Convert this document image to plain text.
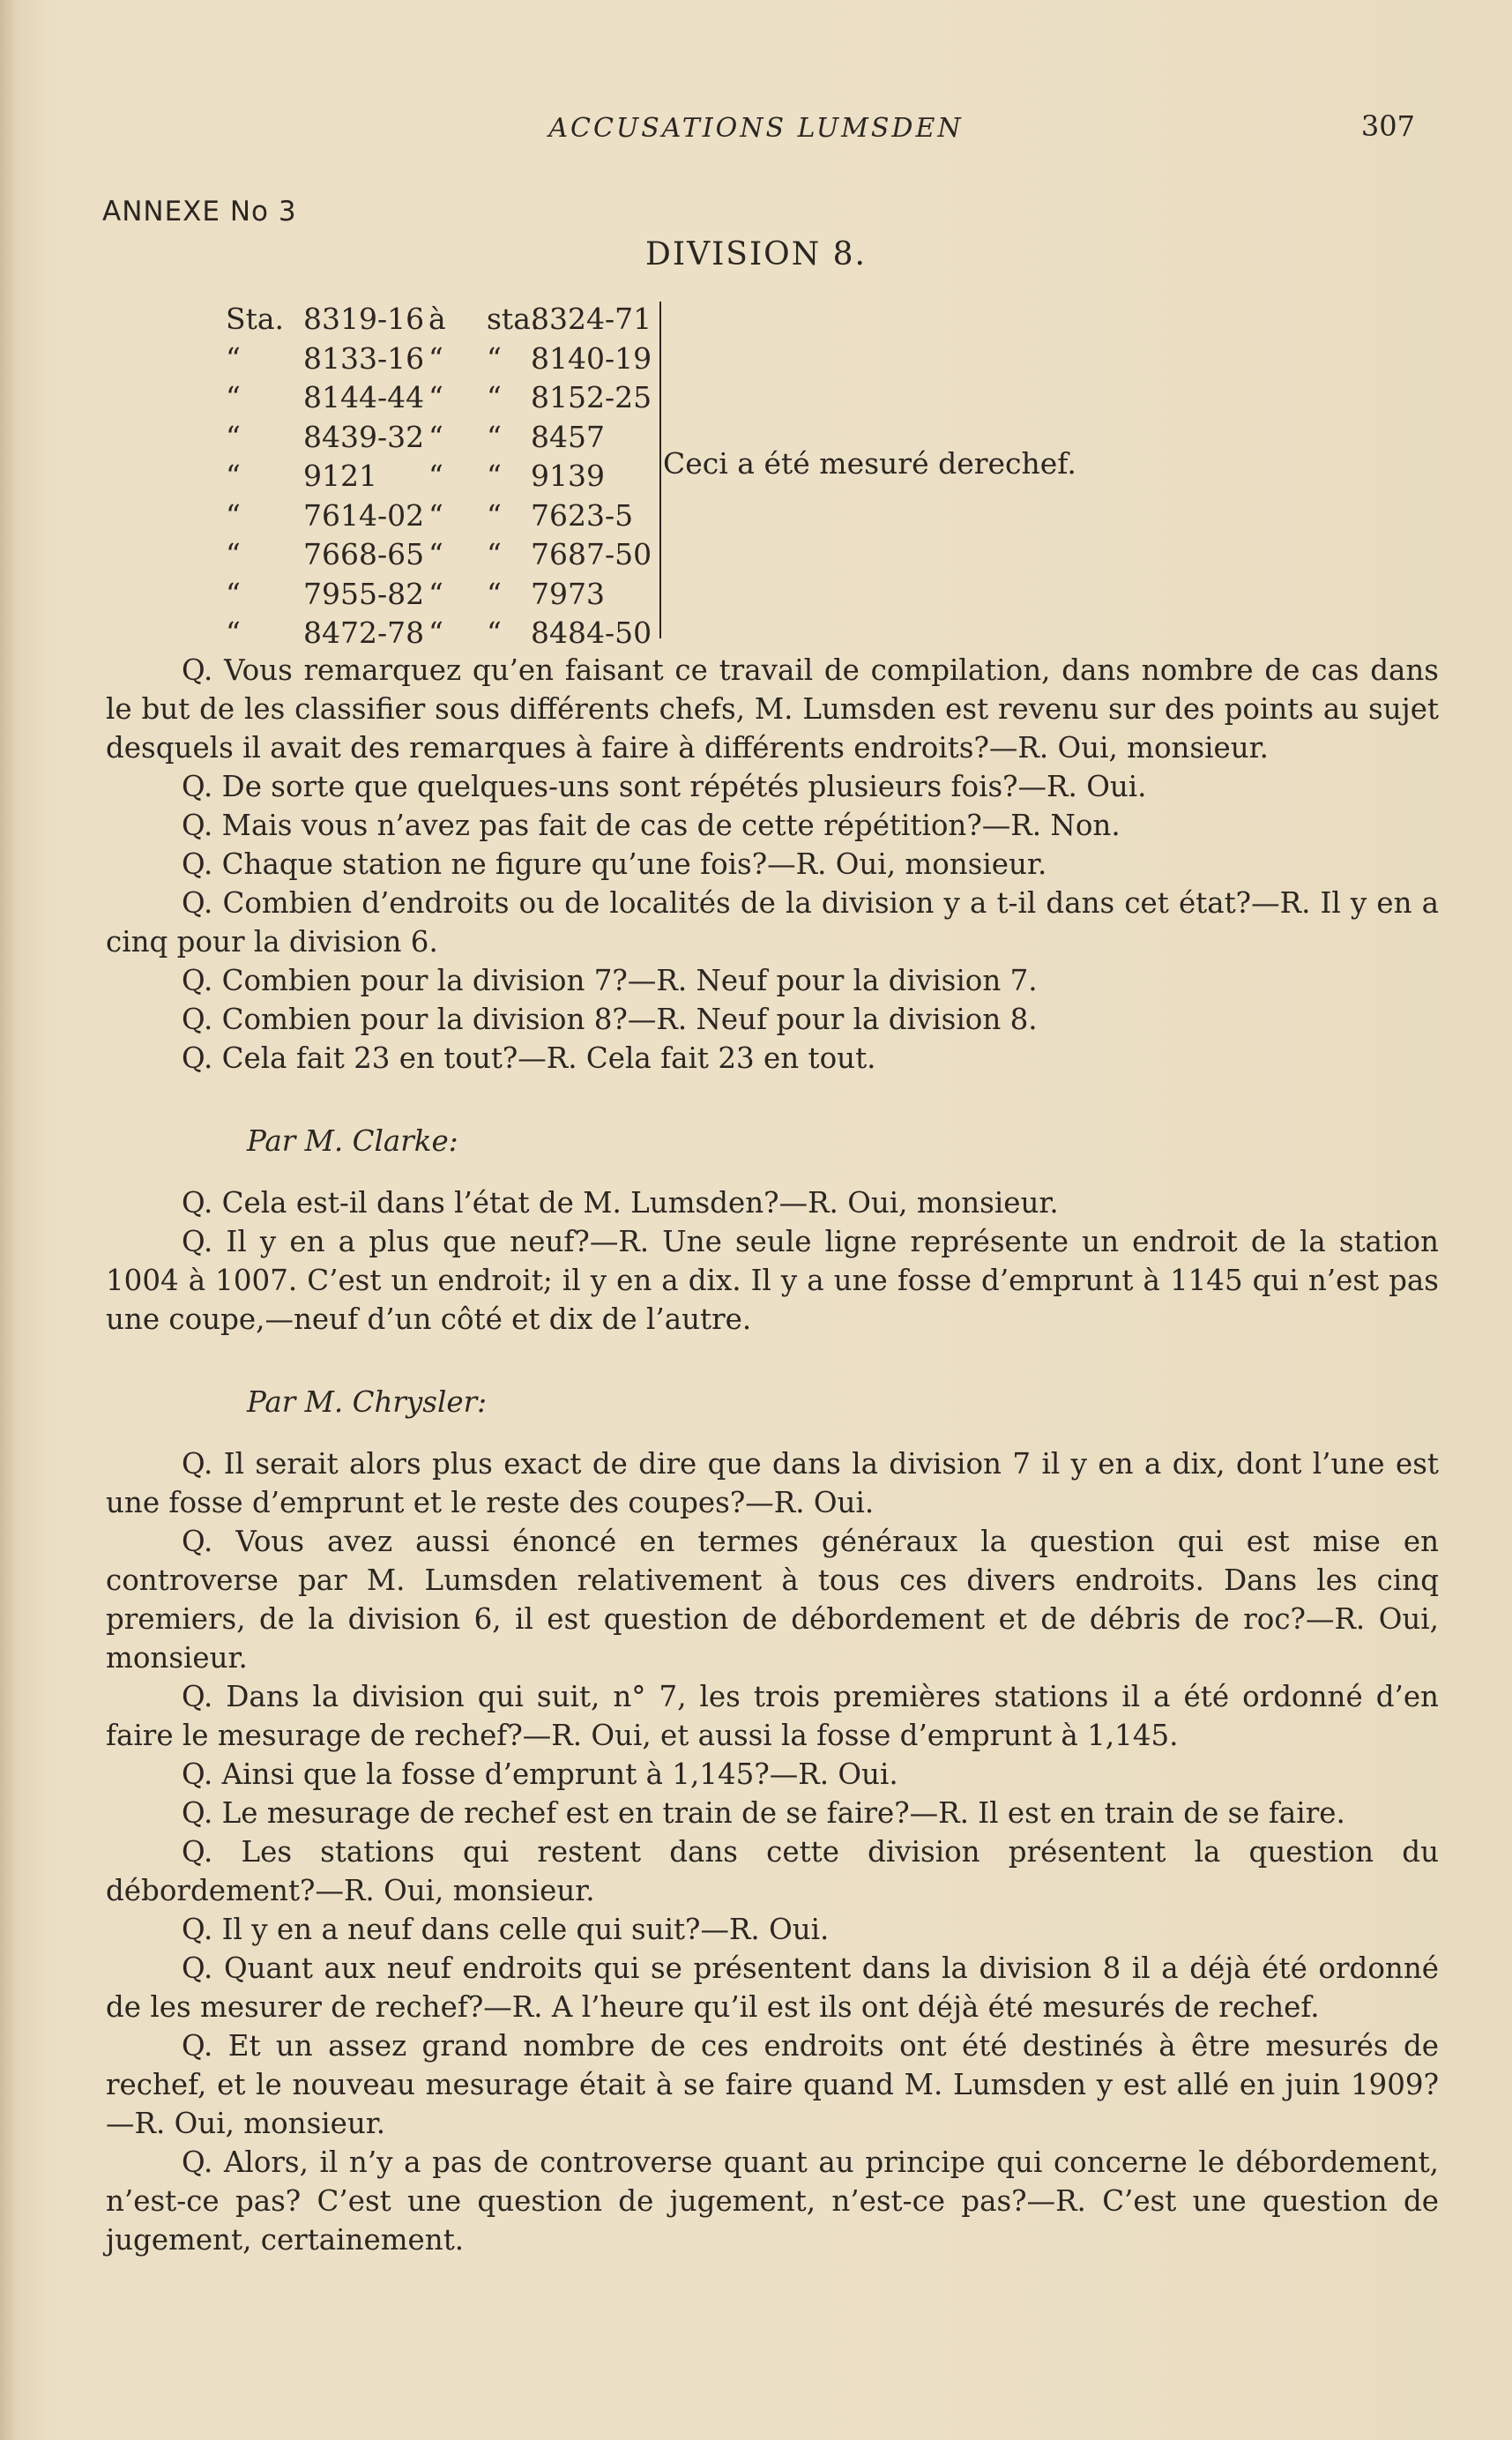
ACCUSATIONS LUMSDEN	307
ANNEXE No 3
DIVISION 8.
Sta. 8319-16 à sta.
8324-71
“ 8133-16 “ “ 8140-19
“ 8144-44 “ “ 8152-25
“ 8439-32 “ “ 8457
“ 9121 “ “ 9139
“ 7614-02 “ “ 7623-5
“ 7668-65 “ “ 7687-50
“ 7955-82 “ “ 7973
“ 8472-78 “ “ 8484-50
Ceci a été mesuré derechef.

Q. Vous remarquez qu’en faisant ce travail de compilation, dans nombre de cas dans le but de les classifier sous différents chefs, M. Lumsden est revenu sur des points au sujet desquels il avait des remarques à faire à différents endroits?—R. Oui, monsieur.

Q. De sorte que quelques-uns sont répétés plusieurs fois?—R. Oui.

Q. Mais vous n’avez pas fait de cas de cette répétition?—R. Non.

Q. Chaque station ne figure qu’une fois?—R. Oui, monsieur.

Q. Combien d’endroits ou de localités de la division y a t-il dans cet état?—R. Il y en a cinq pour la division 6.

Q. Combien pour la division 7?—R. Neuf pour la division 7.

Q. Combien pour la division 8?—R. Neuf pour la division 8.

Q. Cela fait 23 en tout?—R. Cela fait 23 en tout.

Par M. Clarke:

Q. Cela est-il dans l’état de M. Lumsden?—R. Oui, monsieur.

Q. Il y en a plus que neuf?—R. Une seule ligne représente un endroit de la station 1004 à 1007. C’est un endroit; il y en a dix. Il y a une fosse d’emprunt à 1145 qui n’est pas une coupe,—neuf d’un côté et dix de l’autre.

Par M. Chrysler:

Q. Il serait alors plus exact de dire que dans la division 7 il y en a dix, dont l’une est une fosse d’emprunt et le reste des coupes?—R. Oui.

Q. Vous avez aussi énoncé en termes généraux la question qui est mise en controverse par M. Lumsden relativement à tous ces divers endroits. Dans les cinq premiers, de la division 6, il est question de débordement et de débris de roc?—R. Oui, monsieur.

Q. Dans la division qui suit, n° 7, les trois premières stations il a été ordonné d’en faire le mesurage de rechef?—R. Oui, et aussi la fosse d’emprunt à 1,145.

Q. Ainsi que la fosse d’emprunt à 1,145?—R. Oui.

Q. Le mesurage de rechef est en train de se faire?—R. Il est en train de se faire.

Q. Les stations qui restent dans cette division présentent la question du débordement?—R. Oui, monsieur.

Q. Il y en a neuf dans celle qui suit?—R. Oui.

Q. Quant aux neuf endroits qui se présentent dans la division 8 il a déjà été ordonné de les mesurer de rechef?—R. A l’heure qu’il est ils ont déjà été mesurés de rechef.

Q. Et un assez grand nombre de ces endroits ont été destinés à être mesurés de rechef, et le nouveau mesurage était à se faire quand M. Lumsden y est allé en juin 1909?—R. Oui, monsieur.

Q. Alors, il n’y a pas de controverse quant au principe qui concerne le débordement, n’est-ce pas? C’est une question de jugement, n’est-ce pas?—R. C’est une question de jugement, certainement.
